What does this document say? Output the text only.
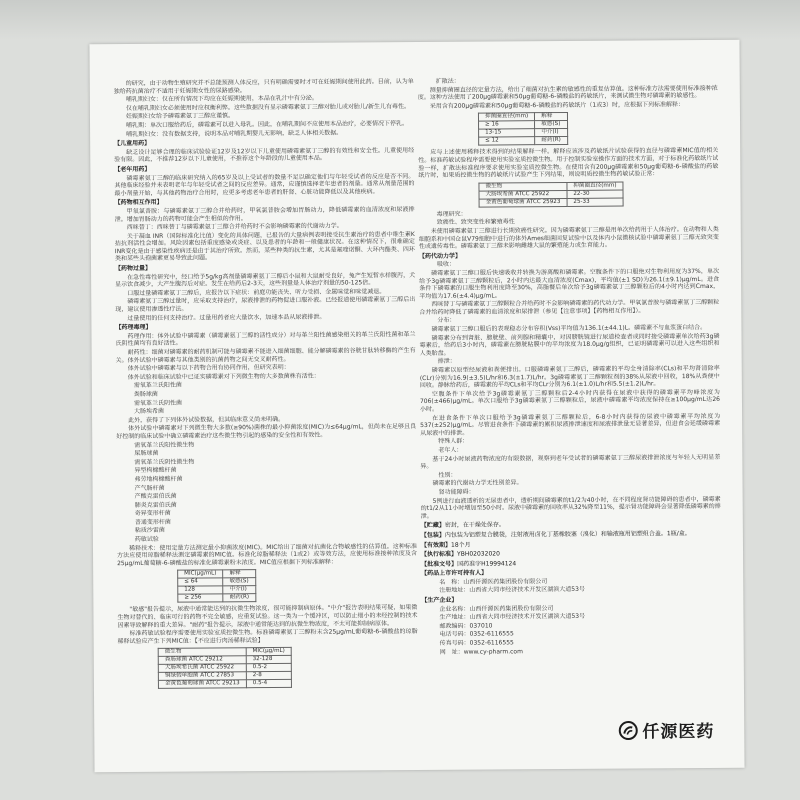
的研究，由于动物生殖研究并不总能预测人体反应，只有明确需要时才可在妊娠期间使用此药。目前，认为单独给药抗菌治疗不适用于妊娠期女性的尿路感染。

哺乳期妇女：仅在所有情况下均应在妊娠期使用，本品在乳汁中有分泌。

仅在哺乳期妇女必须使用时应权衡利弊。这些数据没有显示磷霉素氨丁三醇对胎儿或对胎儿/新生儿有毒性。

妊娠期妇女给予磷霉素氨丁三醇应谨慎。

哺乳期：单次口服给药后，磷霉素可以进入母乳。因此，在哺乳期间不应使用本品治疗，必要情况下停乳。

哺乳期妇女：没有数据支持，说明本品对哺乳期婴儿无影响，缺乏人体相关数据。

【儿童用药】

缺乏设计足够合理的临床试验验证12岁及12岁以下儿童使用磷霉素氨丁三醇的有效性和安全性。儿童使用经验有限。因此，不推荐12岁以下儿童使用，不推荐这个年龄段的儿童使用本品。

【老年用药】

磷霉素氨丁三醇的临床研究纳入的65岁及以上受试者的数量不足以确定他们与年轻受试者的反应是否不同。其他临床经验并未表明老年与年轻受试者之间的反应差异。通常，应谨慎选择老年患者的剂量。通常从剂量范围的最小剂量开始，与其他药物治疗合用时，应更多考虑老年患者的肝肾、心脏功能降低以及其他疾病。

【药物相互作用】

甲氧氯普胺：与磷霉素氨丁三醇合并给药时，甲氧氯普胺会增加胃肠动力，降低磷霉素的血清浓度和尿液排泄。增加胃肠动力的药物可能会产生相似的作用。

西咪替丁：西咪替丁与磷霉素氨丁三醇合并给药时不会影响磷霉素的代谢动力学。

关于凝血 INR（国际标准化比值）变化的具体问题，已报告的大量病例表明接受抗生素治疗的患者中维生素K拮抗剂活性会增加。风险因素包括重度感染或炎症、以及患者的年龄和一般健康状况。在这种情况下，很难确定INR变化是由于感染性疾病还是由于其治疗所致。然而，某些种类的抗生素，尤其是氟喹诺酮、大环内酯类、四环类和某些头孢菌素更易导致此问题。

【药物过量】

在急性毒性研究中，经口给予5g/kg高剂量磷霉素氨丁三醇后小鼠和大鼠耐受良好，兔产生短暂水样腹泻，犬显示饮食减少，大产生腹泻后对症。发生在给药后2-3天，这些剂量是人体治疗剂量的50-125倍。

口服过量磷霉素氨丁三醇后，应报告以下症状：前庭功能丧失、听力受损、金属味觉和味觉减退。

磷霉素氨丁三醇过量时，应采取支持治疗，尿液排泄的药物促进口服补液。已经报道使用磷霉素氨丁三醇后出现，建议使用渗透性疗法。

过量使用的任何支持治疗。过量用药者应大量饮水，加速本品从尿液排泄。

【药理毒理】

药理作用：体外试验中磷霉素（磷霉素氨丁三醇的活性成分）对与革兰阳性菌感染相关的革兰氏阳性菌和革兰氏阴性菌均有良好活性。

耐药性：细菌对磷霉素的耐药机制可能与磷霉素不能进入细菌细胞、能分解磷霉素的谷胱甘肽转移酶的产生有关。体外试验中磷霉素与其他类别的抗菌药物之间无交叉耐药性。

体外试验中磷霉素与以下药物合用有协同作用，但研究表明：

体外试验和临床试验中已证实磷霉素对下列微生物的大多数菌株有活性：

需氧革兰氏阳性菌

粪肠球菌

需氧革兰氏阴性菌

大肠埃希菌

此外，获得了下列体外试验数据，但其临床意义尚未明确。

体外试验中磷霉素对下列微生物大多数(≥90%)菌株的最小抑菌浓度(MIC)为≤64μg/mL，但尚未在足够且良好控制的临床试验中确立磷霉素治疗这些微生物引起的感染的安全性和有效性。

需氧革兰氏阳性微生物

屎肠球菌

需氧革兰氏阴性微生物

异型枸橼酸杆菌

弗劳地枸橼酸杆菌

产气肠杆菌

产酸克雷伯氏菌

肺炎克雷伯氏菌

奇异变形杆菌

普通变形杆菌

粘质沙雷菌

药敏试验

稀释技术：使用定量方法测定最小抑菌浓度(MIC)。MIC给出了细菌对抗菌化合物敏感性的估算值。这种标准方法应使用琼脂稀释法测定磷霉素的MIC值。标准化琼脂稀释法（1或2）或等效方法，应使用标准接种浓度及含25μg/mL葡萄糖-6-磷酸盐的标准化磷霉素粉末浓度。MIC值应根据下列标准解释：

MIC(μg/mL)	解释
≤ 64	敏感(S)
128	中介(I)
≥ 256	耐药(R)

"敏感"报告提示，尿液中通常能达到的抗微生物浓度，很可能抑制病原体。"中介"报告表明结果可疑，如果微生物对替代的、临床可行的药物不完全敏感，应重复试验。这一类为一个缓冲区，可以防止细小的未经控制的技术因素导致解释的重大差异。"耐药"报告提示，尿液中通常能达到的抗微生物浓度，不太可能抑制病原体。

标准药敏试验程序需要使用实验室质控微生物。标准磷霉素氨丁三醇粉末含25μg/mL葡萄糖-6-磷酸盐的琼脂稀释试验应产生下列MIC值：【不应进行肉汤稀释试验】

微生物	MIC(μg/mL)
粪肠球菌 ATCC 29212	32-128
大肠埃希氏菌 ATCC 25922	0.5-2
铜绿假单胞菌 ATCC 27853	2-8
金黄色葡萄球菌 ATCC 29213	0.5-4

扩散法：

测量抑菌圈直径的定量方法，给出了细菌对抗生素的敏感性的重复估算值。这种标准方法需要使用标准接种浓度。这种方法使用了200μg磷霉素和50μg葡萄糖-6-磷酸盐的药敏纸片，来测试微生物对磷霉素的敏感性。

采用含有200μg磷霉素和50μg葡萄糖-6-磷酸盐的药敏纸片（1或3）时，应根据下列标准解释：

抑菌圈直径(mm)	解释
≥ 16	敏感(S)
13-15	中介(I)
≤ 12	耐药(R)

应与上述使用稀释技术得到的结果解释一样。解释应该涉及药敏纸片试验获得的直径与磷霉素MIC值的相关性。标准药敏试验程序需要使用实验室质控微生物。用于控制实验室操作方面的技术方面，对于标准化药敏纸片试验一样，扩散法标准程序要求使用实验室质控微生物。在使用含有200μg磷霉素和50μg葡萄糖-6-磷酸盐的药敏纸片时，如果质控微生物的药敏纸片试验产生下列结果，则说明质控微生物药敏试验正常：

微生物	抑菌圈直径(mm)
大肠埃希菌 ATCC 25922	22-30
金黄色葡萄球菌 ATCC 25923	25-33

毒理研究：

致癌性、致突变性和繁殖毒性

未使用磷霉素氨丁三醇进行长期致癌性研究。因为磷霉素氨丁三醇是用单次给药用于人体治疗。在动物和人类细胞系和中国仓鼠V79细胞中进行的体外Ames细菌回复试验中以及体内小鼠微核试验中磷霉素氨丁三醇无致突变性或遗传毒性。磷霉素氨丁三醇未影响雌雄大鼠的繁殖能力或生育能力。

【药代动力学】

吸收：

磷霉素氨丁三醇口服后快速吸收并转换为游离酸和磷霉素。空腹条件下的口服绝对生物利用度为37%，单次给予3g磷霉素氨丁三醇颗粒后，2小时内达最大血清浓度(Cmax)，平均值(±1 SD)为26.1(±9.1)μg/mL。进食条件下磷霉素的口服生物利用度降至30%，高脂餐后单次给予3g磷霉素氨丁三醇颗粒后的4小时内达到Cmax，平均值为17.6(±4.4)μg/mL。

西咪替丁与磷霉素氨丁三醇颗粒合并给药时不会影响磷霉素的药代动力学。甲氧氯普胺与磷霉素氨丁三醇颗粒合并给药时降低了磷霉素的血清浓度和尿排泄（参见【注意事项】【药物相互作用】）。

分布：

磷霉素氨丁三醇口服后的表观稳态分布容积(Vss)平均值为136.1(±44.1)L。磷霉素不与血浆蛋白结合。

磷霉素分布到肾脏、膀胱壁、前列腺和精囊中，对因膀胱镜进行尿道检查者或同时接受磷霉素单次给药3g磷霉素后，给药后3小时内，磷霉素在膀胱粘膜中的平均浓度为18.0μg/g组织，已证明磷霉素可以进入这些组织和人类胎盘。

排泄：

磷霉素以原型经尿液和粪便排出。口服磷霉素氨丁三醇后，磷霉素的平均全身清除率(CLs)和平均肾清除率(CLr)分别为16.9(±3.5)L/hr和6.3(±1.7)L/hr。3g磷霉素氨丁三醇颗粒剂的38%从尿液中回收，18%从粪便中回收。静脉给药后，磷霉素的平均CLs和平均CLr分别为6.1(±1.0)L/hr和5.5(±1.2)L/hr。

空腹条件下单次给予3g磷霉素氨丁三醇颗粒后2-4小时内获得在尿液中获得的磷霉素平均峰浓度为706(±466)μg/mL。单次口服给予3g磷霉素氨丁三醇颗粒后，尿液中磷霉素平均浓度保持在≥100μg/mL达26小时。

在进食条件下单次口服给予3g磷霉素氨丁三醇颗粒后，6-8小时内获得的尿液中磷霉素平均浓度为537(±252)μg/mL。尽管进食条件下磷霉素的累积尿液排泄速度和尿液排泄量无显著差异，但进食会延缓磷霉素从尿液中的排泄。

特殊人群：

老年人：

基于24小时尿液药物浓度的有限数据，观察到老年受试者的磷霉素氨丁三醇尿液排泄浓度与年轻人无明显差异。

性别：

磷霉素的代谢动力学无性别差异。

肾功能障碍：

5例进行血液透析的无尿患者中，透析期间磷霉素的t1/2为40小时，在不同程度肾功能障碍的患者中，磷霉素的t1/2从11小时增加至50小时。尿液中磷霉素的回收率从32%降至11%，提示肾功能障碍会显著降低磷霉素的排泄。

【贮藏】密封，在干燥处保存。

【包装】内包装为铝塑复合膜袋，注射液用卤化丁基橡胶塞（溴化）和输液瓶用铝塑组合盖。1瓶/盒。

【有效期】18个月

【执行标准】YBH02032020

【批准文号】国药准字H19994124

【药品上市许可持有人】

名　称：山西仟源医药集团股份有限公司

注册地址：山西省大同市经济技术开发区湖滨大道53号

【生产企业】

企业名称：山西仟源医药集团股份有限公司

生产地址：山西省大同市经济技术开发区湖滨大道53号

邮政编码：037010

电话号码：0352-6116555

传真号码：0352-6116555

网　址：www.cy-pharm.com

仟源医药
